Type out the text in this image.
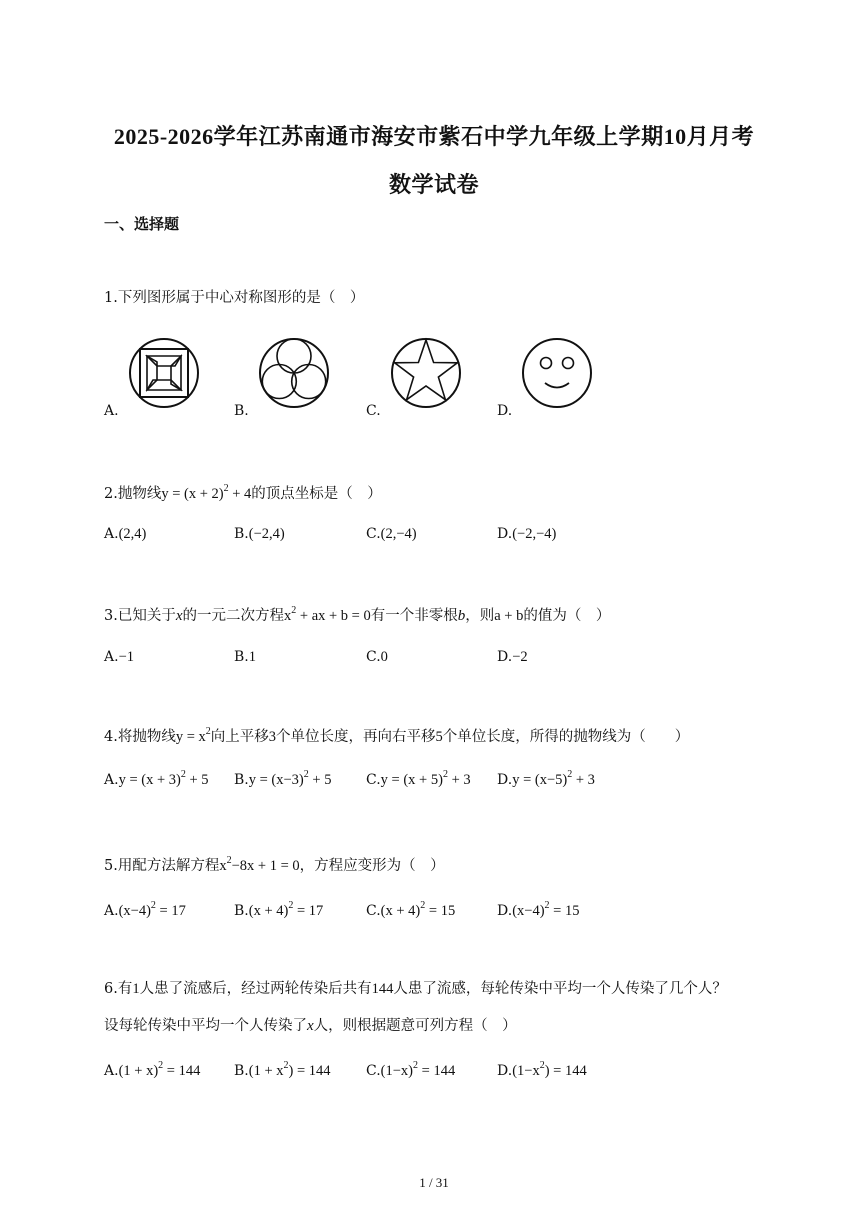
2025-2026学年江苏南通市海安市紫石中学九年级上学期10月月考
数学试卷
一、选择题
1.下列图形属于中心对称图形的是（　）
A.	B.	C.	D.
2.抛物线$y = (x + 2)^2 + 4$的顶点坐标是（　）
A.(2,4)	B.(−2,4)	C.(2,−4)	D.(−2,−4)
3.已知关于x的一元二次方程$x^2$ + ax + b = 0有一个非零根b，则a + b的值为（　）
A.−1	B.1	C.0	D.−2
4.将抛物线$y = x^2$向上平移3个单位长度，再向右平移5个单位长度，所得的抛物线为（　　）
$A.y = (x + 3)^2 + 5$ $B.y = (x-3)^2 + 5$ $C.y = (x + 5)^2 + 3$ $D.y = (x-5)^2 + 3$
5.用配方法解方程$x^2-8x + 1 = 0$，方程应变形为（　）
$A.(x-4)^2 = 17$	$B.(x + 4)^2 = 17$	$C.(x + 4)^2 = 15$	$D.(x-4)^2 = 15$
6.有1人患了流感后，经过两轮传染后共有144人患了流感，每轮传染中平均一个人传染了几个人？
设每轮传染中平均一个人传染了x人，则根据题意可列方程（　）
$A.(1 + x)^2 = 144$ $B.(1 + x^2) = 144$	$C.(1-x)^2 = 144$	$D.(1-x^2) = 144$
1 / 31
